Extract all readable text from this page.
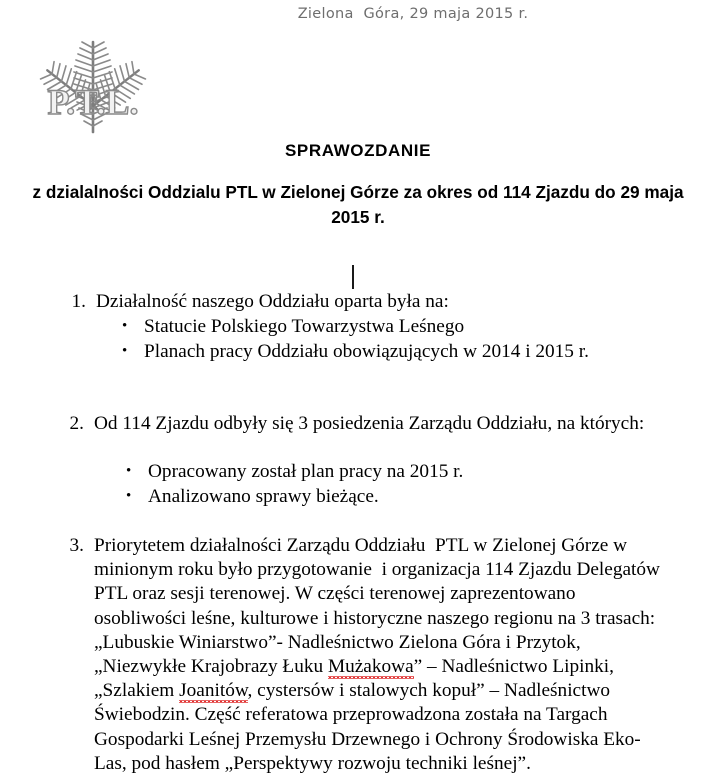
Zielona  Góra, 29 maja 2015 r.
P.T.L.
SPRAWOZDANIE
z dzialalności Oddzialu PTL w Zielonej Górze za okres od 114 Zjazdu do 29 maja 2015 r.
1. Działalność naszego Oddziału oparta była na:
• Statucie Polskiego Towarzystwa Leśnego
• Planach pracy Oddziału obowiązujących w 2014 i 2015 r.
2. Od 114 Zjazdu odbyły się 3 posiedzenia Zarządu Oddziału, na których:
• Opracowany został plan pracy na 2015 r.
• Analizowano sprawy bieżące.
3. Priorytetem działalności Zarządu Oddziału  PTL w Zielonej Górze w
minionym roku było przygotowanie  i organizacja 114 Zjazdu Delegatów
PTL oraz sesji terenowej. W części terenowej zaprezentowano
osobliwości leśne, kulturowe i historyczne naszego regionu na 3 trasach:
„Lubuskie Winiarstwo”- Nadleśnictwo Zielona Góra i Przytok,
„Niezwykłe Krajobrazy Łuku Mużakowa” – Nadleśnictwo Lipinki,
„Szlakiem Joanitów, cystersów i stalowych kopuł” – Nadleśnictwo
Świebodzin. Część referatowa przeprowadzona została na Targach
Gospodarki Leśnej Przemysłu Drzewnego i Ochrony Środowiska Eko-
Las, pod hasłem „Perspektywy rozwoju techniki leśnej”.
